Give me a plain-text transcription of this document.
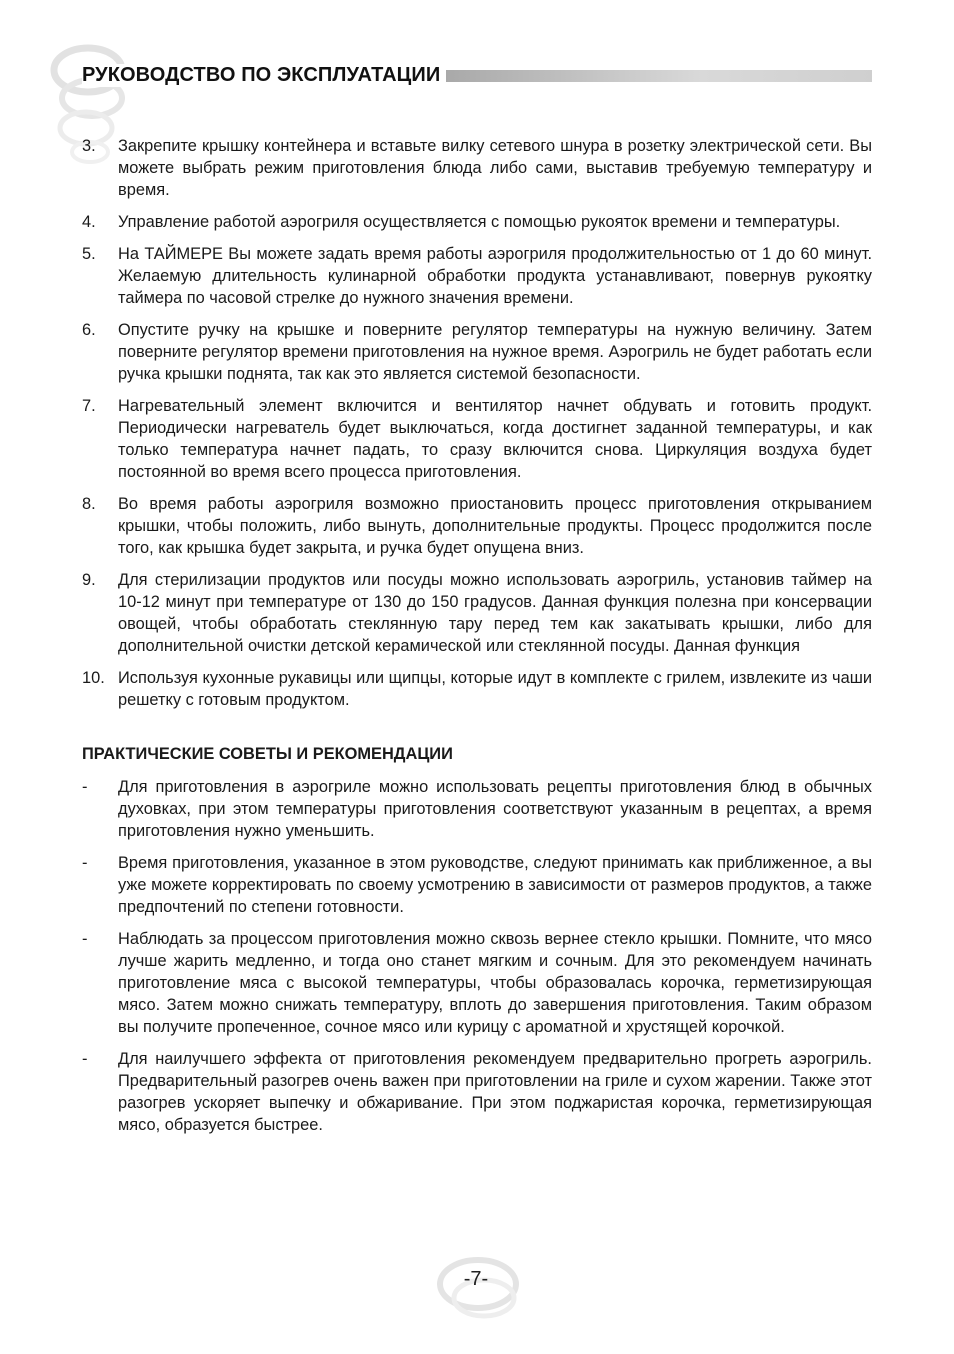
РУКОВОДСТВО ПО ЭКСПЛУАТАЦИИ
3.	Закрепите крышку контейнера и вставьте вилку сетевого шнура в розетку электрической сети. Вы можете выбрать режим приготовления блюда либо сами, выставив требуемую температуру и время.
4.	Управление работой аэрогриля осуществляется с помощью рукояток времени и температуры.
5.	На ТАЙМЕРЕ Вы можете задать время работы аэрогриля продолжительностью от 1 до 60 минут. Желаемую длительность кулинарной обработки продукта устанавливают, повернув рукоятку таймера по часовой стрелке до нужного значения времени.
6.	Опустите ручку на крышке и поверните регулятор температуры на нужную величину. Затем поверните регулятор времени приготовления на нужное время. Аэрогриль не будет работать если ручка крышки поднята, так как это является системой безопасности.
7.	Нагревательный элемент включится и вентилятор начнет обдувать и готовить продукт. Периодически нагреватель будет выключаться, когда достигнет заданной температуры, и как только температура начнет падать, то сразу включится снова. Циркуляция воздуха будет постоянной во время всего процесса приготовления.
8.	Во время работы аэрогриля возможно приостановить процесс приготовления открыванием крышки, чтобы положить, либо вынуть, дополнительные продукты. Процесс продолжится после того, как крышка будет закрыта, и ручка будет опущена вниз.
9.	Для стерилизации продуктов или посуды можно использовать аэрогриль, установив таймер на 10-12 минут при температуре от 130 до 150 градусов. Данная функция полезна при консервации овощей, чтобы обработать стеклянную тару перед тем как закатывать крышки, либо для дополнительной очистки детской керамической или стеклянной посуды. Данная функция
10. Используя кухонные рукавицы или щипцы, которые идут в комплекте с грилем, извлеките из чаши решетку с готовым продуктом.
ПРАКТИЧЕСКИЕ СОВЕТЫ И РЕКОМЕНДАЦИИ
-	Для приготовления в аэрогриле можно использовать рецепты приготовления блюд в обычных духовках, при этом температуры приготовления соответствуют указанным в рецептах, а время приготовления нужно уменьшить.
-	Время приготовления, указанное в этом руководстве, следуют принимать как приближенное, а вы уже можете корректировать по своему усмотрению в зависимости от размеров продуктов, а также предпочтений по степени готовности.
-	Наблюдать за процессом приготовления можно сквозь вернее стекло крышки. Помните, что мясо лучше жарить медленно, и тогда оно станет мягким и сочным. Для это рекомендуем начинать приготовление мяса с высокой температуры, чтобы образовалась корочка, герметизирующая мясо. Затем можно снижать температуру, вплоть до завершения приготовления. Таким образом вы получите пропеченное, сочное мясо или курицу с ароматной и хрустящей корочкой.
-	Для наилучшего эффекта от приготовления рекомендуем предварительно прогреть аэрогриль. Предварительный разогрев очень важен при приготовлении на гриле и сухом жарении. Также этот разогрев ускоряет выпечку и обжаривание. При этом поджаристая корочка, герметизирующая мясо, образуется быстрее.
-7-
